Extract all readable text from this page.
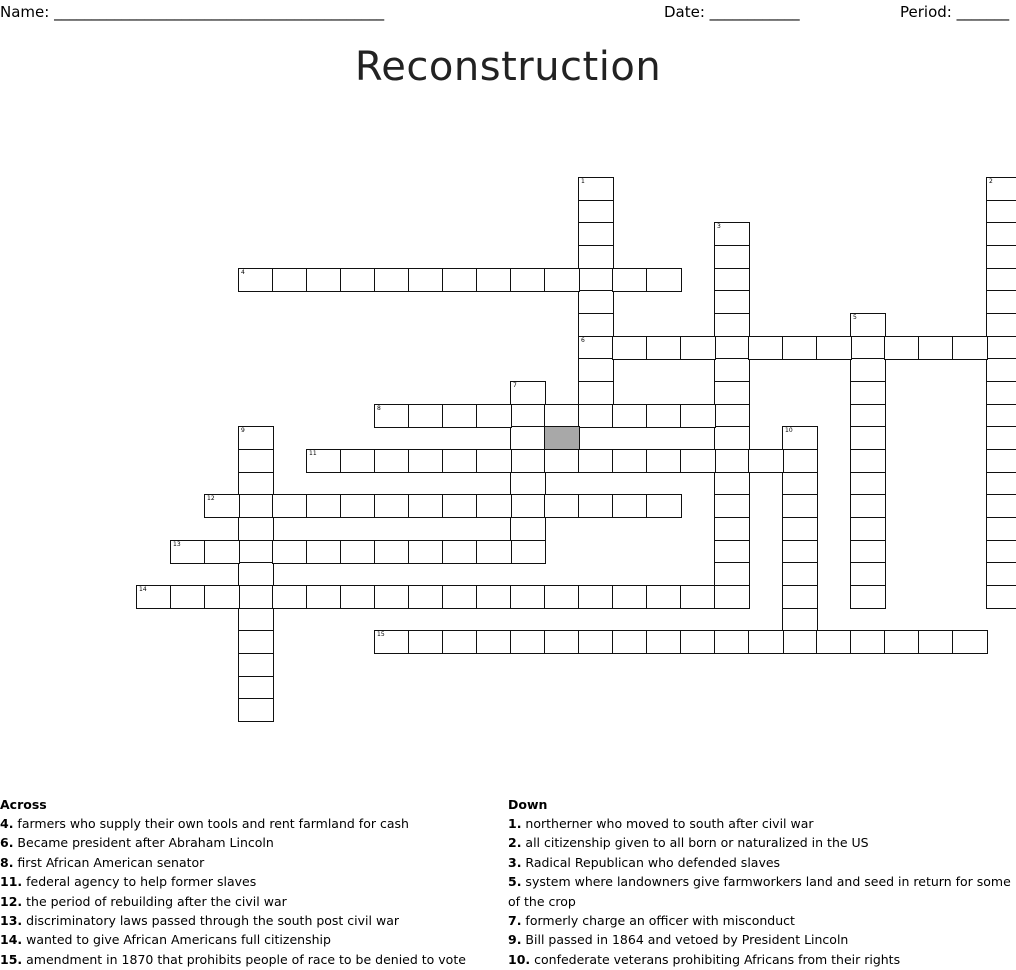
Name: ____________________________________________	Date: ____________	Period: _______
Reconstruction
1
6
2
3
4
5
7
8
9	10
11
12
13
14
15
Across
4. farmers who supply their own tools and rent farmland for cash
6. Became president after Abraham Lincoln
8. first African American senator
11. federal agency to help former slaves
12. the period of rebuilding after the civil war
13. discriminatory laws passed through the south post civil war
14. wanted to give African Americans full citizenship
15. amendment in 1870 that prohibits people of race to be denied to vote
Down
1. northerner who moved to south after civil war
2. all citizenship given to all born or naturalized in the US
3. Radical Republican who defended slaves
5. system where landowners give farmworkers land and seed in return for some of the crop
7. formerly charge an officer with misconduct
9. Bill passed in 1864 and vetoed by President Lincoln
10. confederate veterans prohibiting Africans from their rights
